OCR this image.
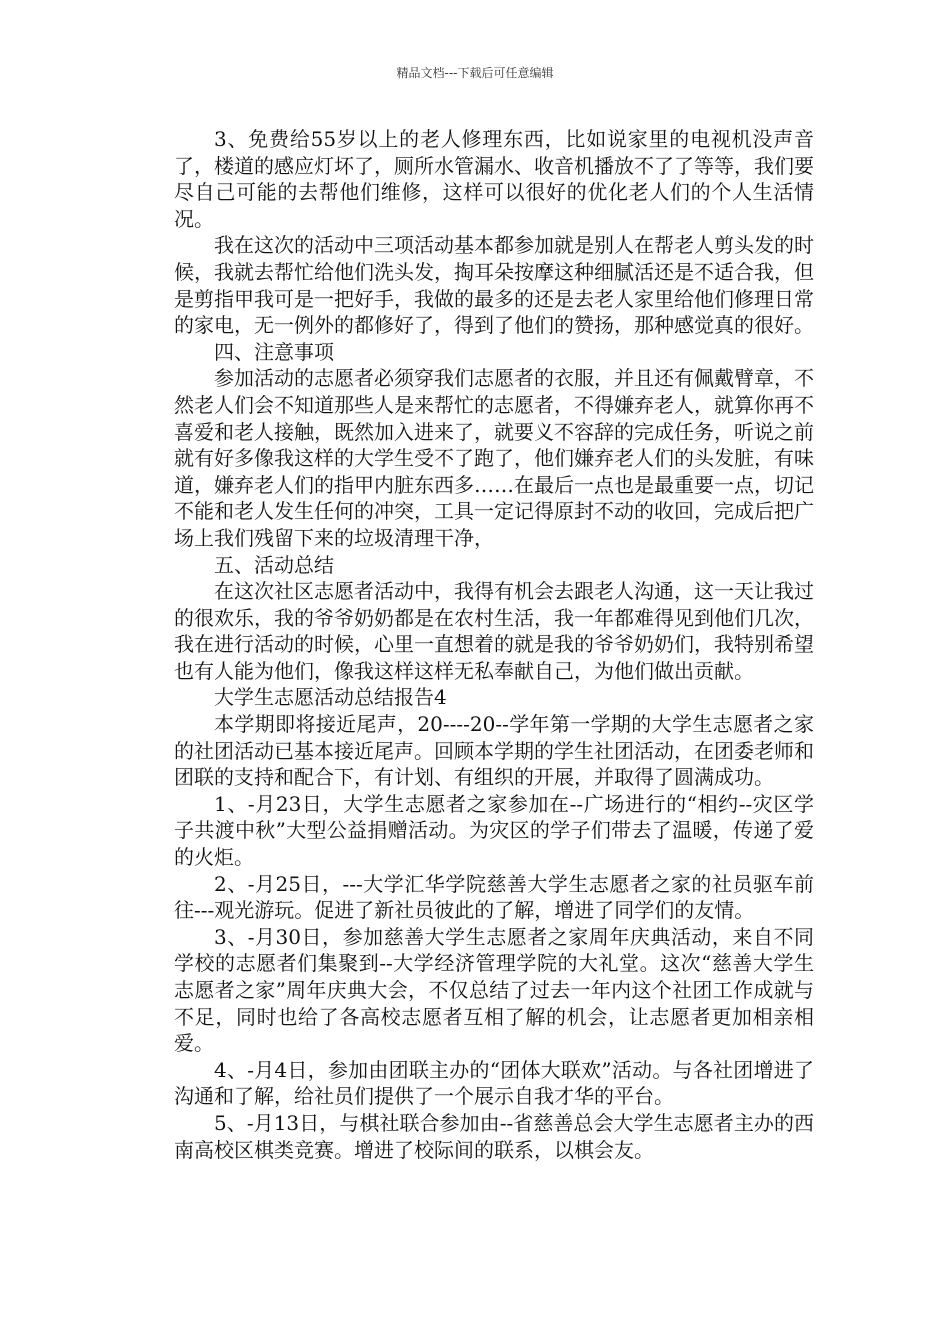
精品文档---下载后可任意编辑

3、免费给55岁以上的老人修理东西，比如说家里的电视机没声音了，楼道的感应灯坏了，厕所水管漏水、收音机播放不了了等等，我们要尽自己可能的去帮他们维修，这样可以很好的优化老人们的个人生活情况。

我在这次的活动中三项活动基本都参加就是别人在帮老人剪头发的时候，我就去帮忙给他们洗头发，掏耳朵按摩这种细腻活还是不适合我，但是剪指甲我可是一把好手，我做的最多的还是去老人家里给他们修理日常的家电，无一例外的都修好了，得到了他们的赞扬，那种感觉真的很好。

四、注意事项

参加活动的志愿者必须穿我们志愿者的衣服，并且还有佩戴臂章，不然老人们会不知道那些人是来帮忙的志愿者，不得嫌弃老人，就算你再不喜爱和老人接触，既然加入进来了，就要义不容辞的完成任务，听说之前就有好多像我这样的大学生受不了跑了，他们嫌弃老人们的头发脏，有味道，嫌弃老人们的指甲内脏东西多……在最后一点也是最重要一点，切记不能和老人发生任何的冲突，工具一定记得原封不动的收回，完成后把广场上我们残留下来的垃圾清理干净，

五、活动总结

在这次社区志愿者活动中，我得有机会去跟老人沟通，这一天让我过的很欢乐，我的爷爷奶奶都是在农村生活，我一年都难得见到他们几次，我在进行活动的时候，心里一直想着的就是我的爷爷奶奶们，我特别希望也有人能为他们，像我这样这样无私奉献自己，为他们做出贡献。

大学生志愿活动总结报告4

本学期即将接近尾声，20----20--学年第一学期的大学生志愿者之家的社团活动已基本接近尾声。回顾本学期的学生社团活动，在团委老师和团联的支持和配合下，有计划、有组织的开展，并取得了圆满成功。

1、-月23日，大学生志愿者之家参加在--广场进行的“相约--灾区学子共渡中秋”大型公益捐赠活动。为灾区的学子们带去了温暖，传递了爱的火炬。

2、-月25日，---大学汇华学院慈善大学生志愿者之家的社员驱车前往---观光游玩。促进了新社员彼此的了解，增进了同学们的友情。

3、-月30日，参加慈善大学生志愿者之家周年庆典活动，来自不同学校的志愿者们集聚到--大学经济管理学院的大礼堂。这次“慈善大学生志愿者之家”周年庆典大会，不仅总结了过去一年内这个社团工作成就与不足，同时也给了各高校志愿者互相了解的机会，让志愿者更加相亲相爱。

4、-月4日，参加由团联主办的“团体大联欢”活动。与各社团增进了沟通和了解，给社员们提供了一个展示自我才华的平台。

5、-月13日，与棋社联合参加由--省慈善总会大学生志愿者主办的西南高校区棋类竞赛。增进了校际间的联系，以棋会友。
